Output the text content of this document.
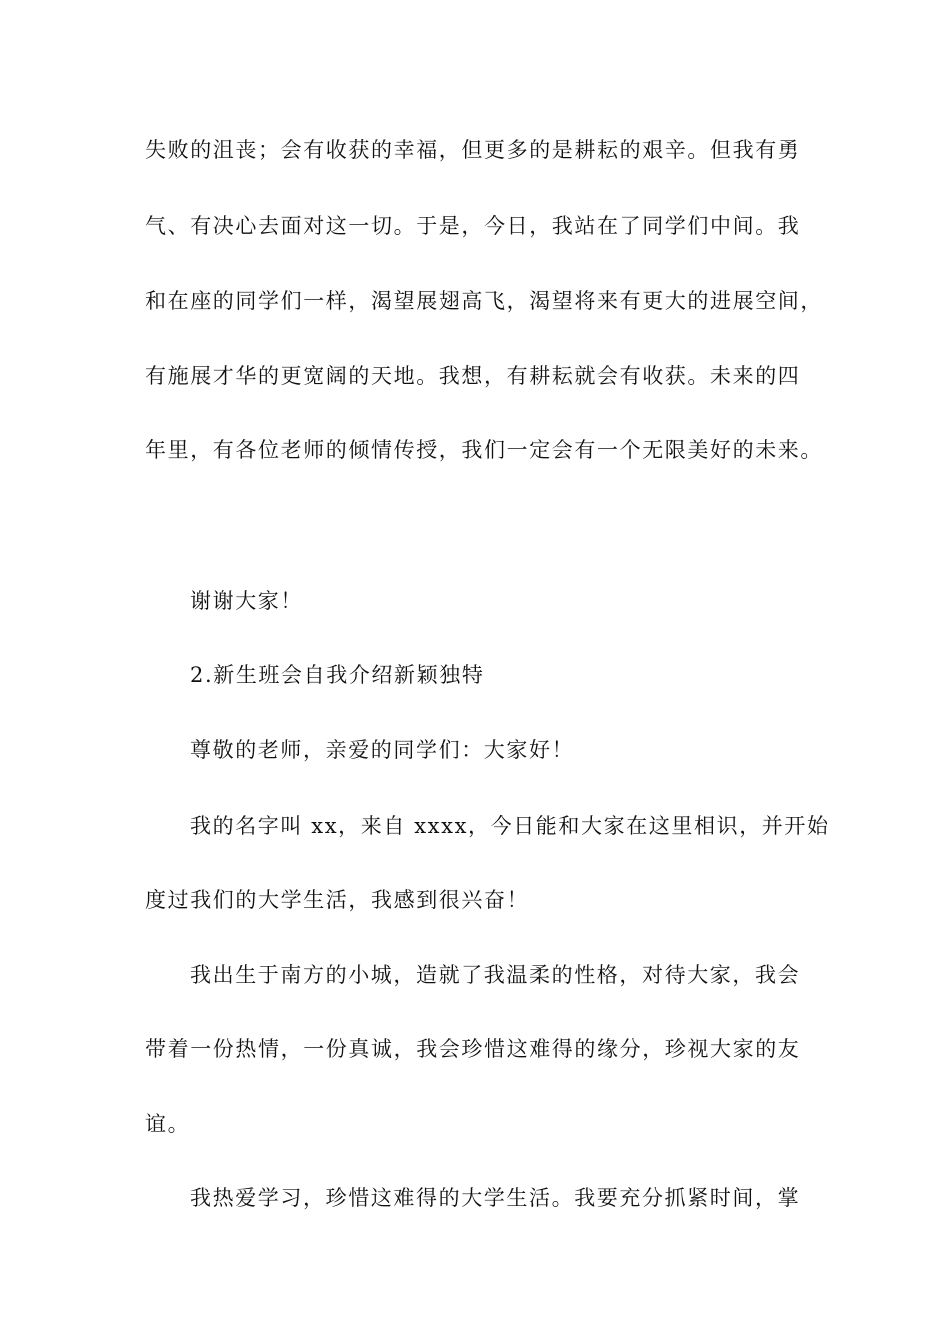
失败的沮丧；会有收获的幸福，但更多的是耕耘的艰辛。但我有勇
气、有决心去面对这一切。于是，今日，我站在了同学们中间。我
和在座的同学们一样，渴望展翅高飞，渴望将来有更大的进展空间，
有施展才华的更宽阔的天地。我想，有耕耘就会有收获。未来的四
年里，有各位老师的倾情传授，我们一定会有一个无限美好的未来。
谢谢大家！
2.新生班会自我介绍新颖独特
尊敬的老师，亲爱的同学们：大家好！
我的名字叫 xx，来自 xxxx，今日能和大家在这里相识，并开始
度过我们的大学生活，我感到很兴奋！
我出生于南方的小城，造就了我温柔的性格，对待大家，我会
带着一份热情，一份真诚，我会珍惜这难得的缘分，珍视大家的友
谊。
我热爱学习，珍惜这难得的大学生活。我要充分抓紧时间，掌
